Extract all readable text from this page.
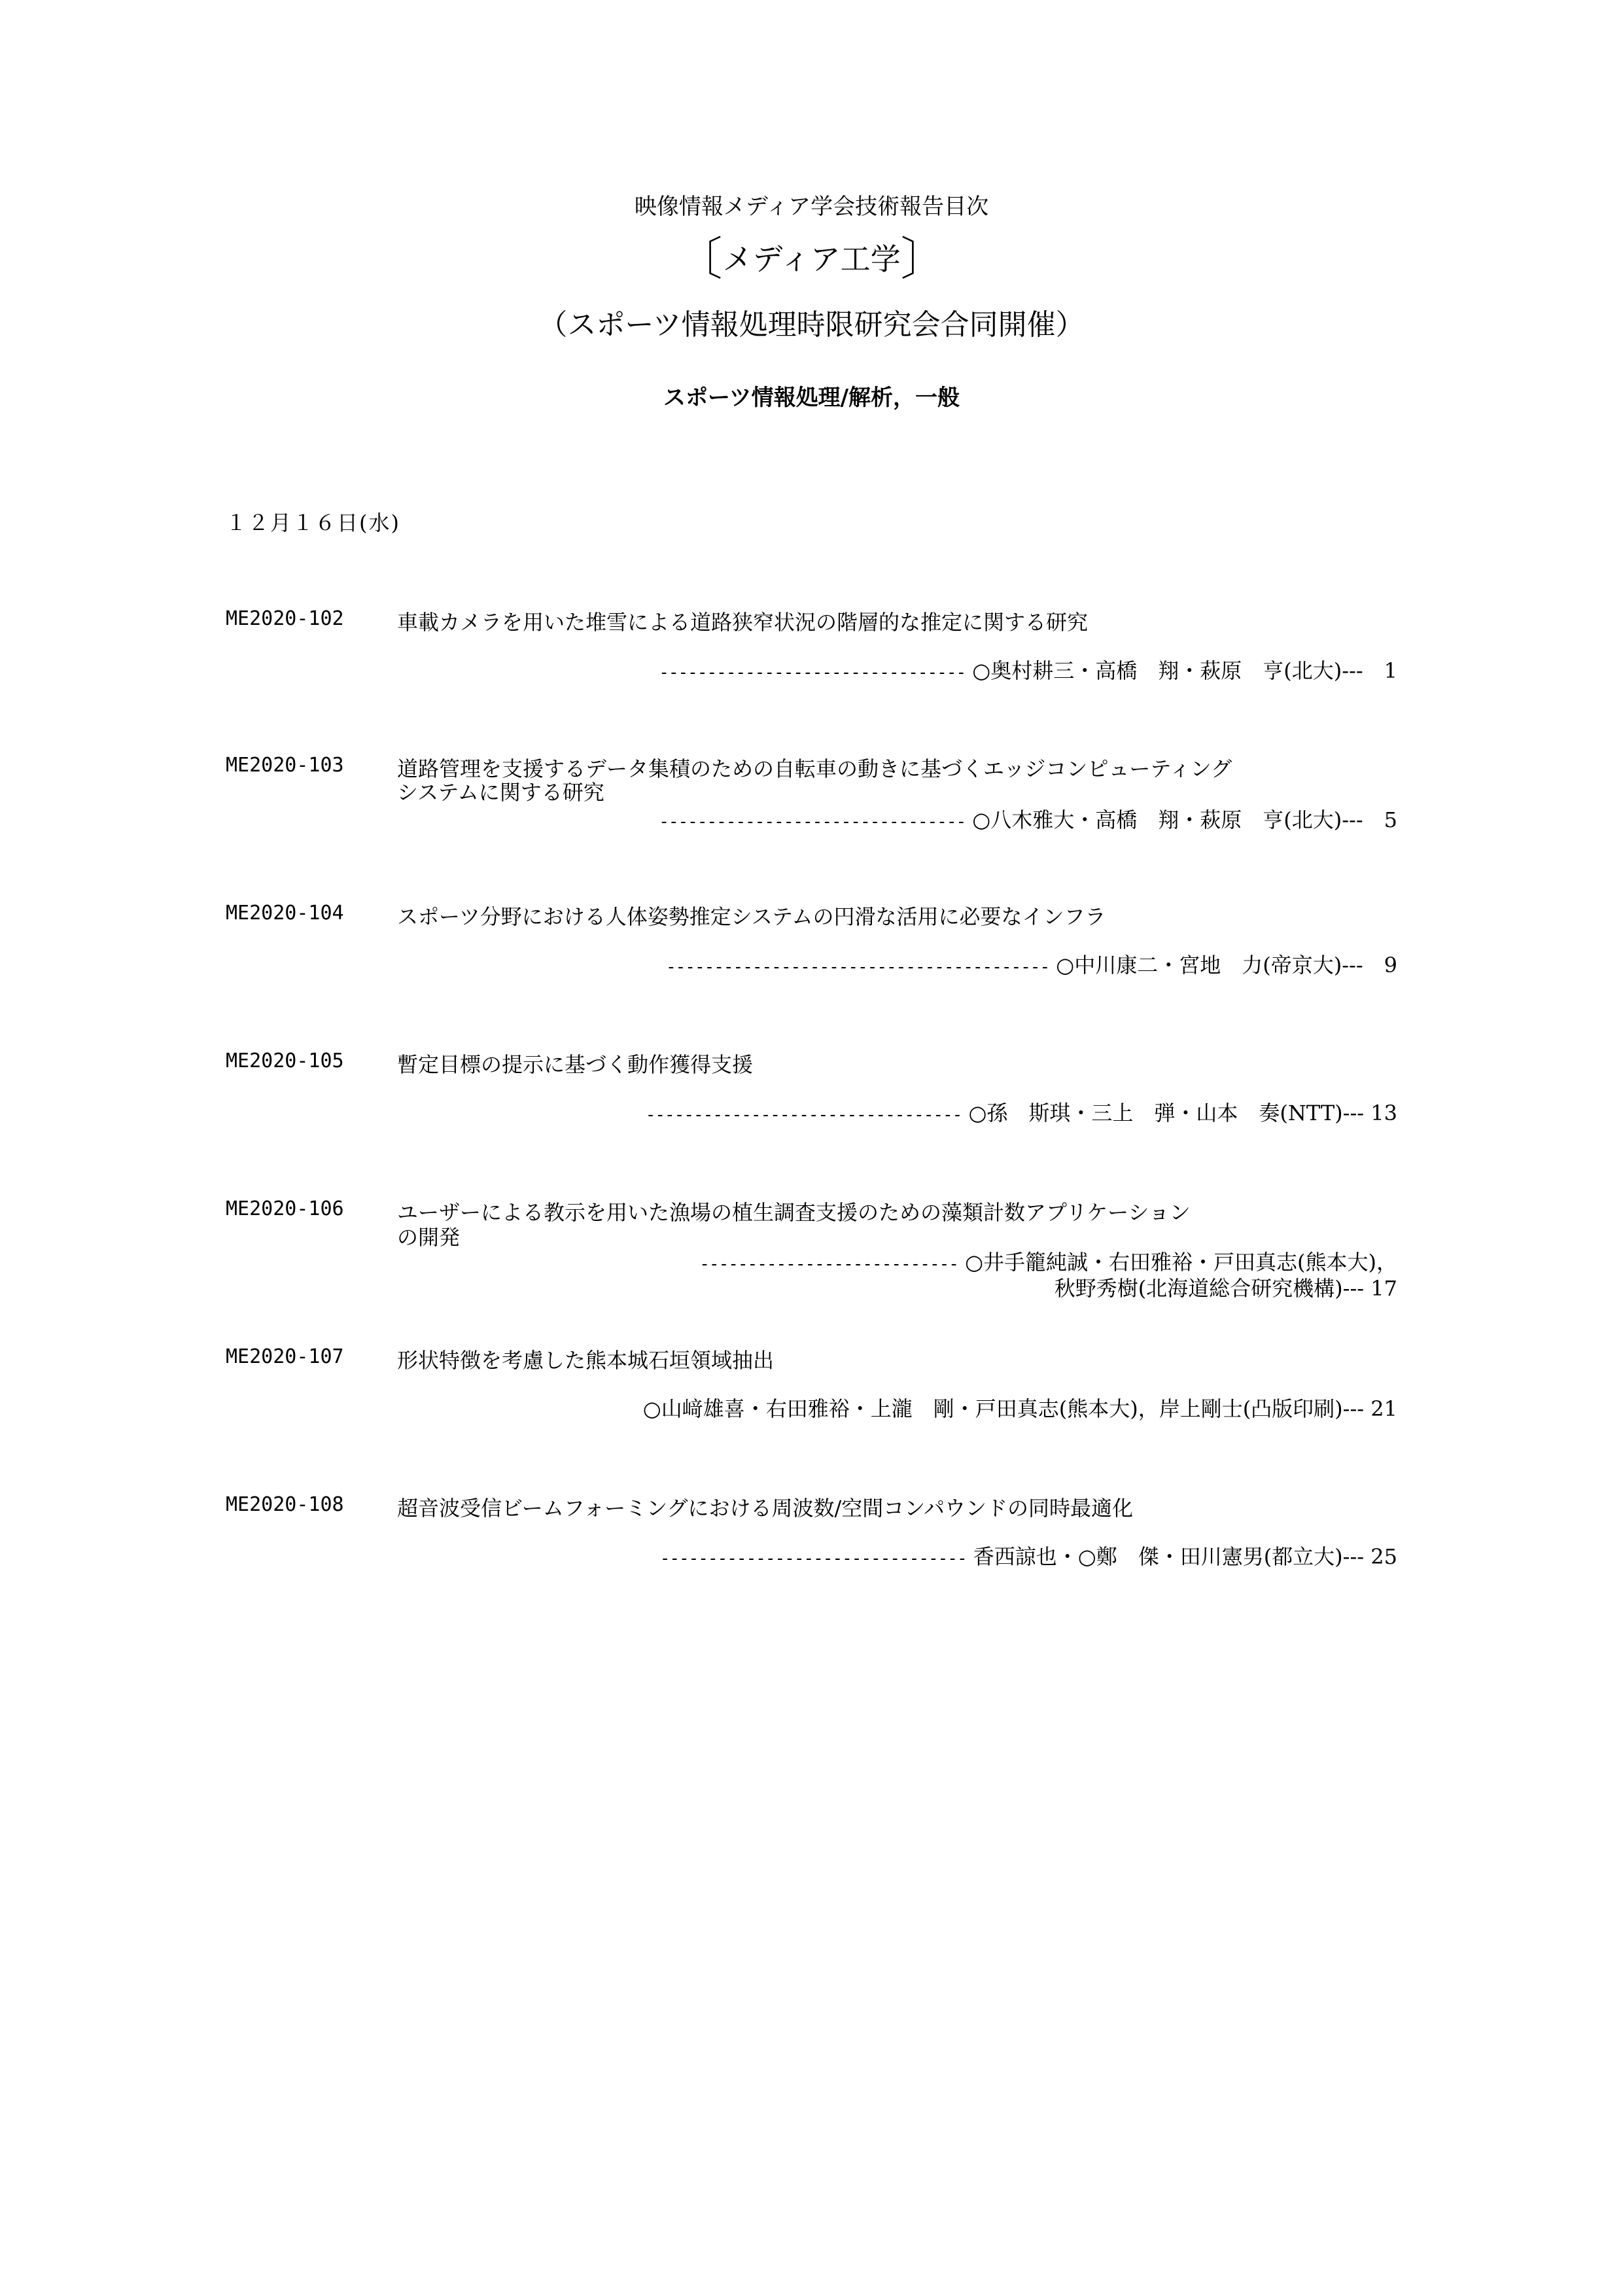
映像情報メディア学会技術報告目次
〔メディア工学〕
（スポーツ情報処理時限研究会合同開催）
スポーツ情報処理/解析，一般
１２月１６日(水)
ME2020-102	車載カメラを用いた堆雪による道路狭窄状況の階層的な推定に関する研究
-------------------------------- ○奥村耕三・高橋　翔・萩原　亨(北大)---　1
ME2020-103	道路管理を支援するデータ集積のための自転車の動きに基づくエッジコンピューティング
システムに関する研究
-------------------------------- ○八木雅大・高橋　翔・萩原　亨(北大)---　5
ME2020-104	スポーツ分野における人体姿勢推定システムの円滑な活用に必要なインフラ
---------------------------------------- ○中川康二・宮地　力(帝京大)---　9
ME2020-105	暫定目標の提示に基づく動作獲得支援
--------------------------------- ○孫　斯琪・三上　弾・山本　奏(NTT)--- 13
ME2020-106	ユーザーによる教示を用いた漁場の植生調査支援のための藻類計数アプリケーション
の開発
--------------------------- ○井手籠純誠・右田雅裕・戸田真志(熊本大)，
秋野秀樹(北海道総合研究機構)--- 17
ME2020-107	形状特徴を考慮した熊本城石垣領域抽出
○山﨑雄喜・右田雅裕・上瀧　剛・戸田真志(熊本大)，岸上剛士(凸版印刷)--- 21
ME2020-108	超音波受信ビームフォーミングにおける周波数/空間コンパウンドの同時最適化
-------------------------------- 香西諒也・○鄭　傑・田川憲男(都立大)--- 25
